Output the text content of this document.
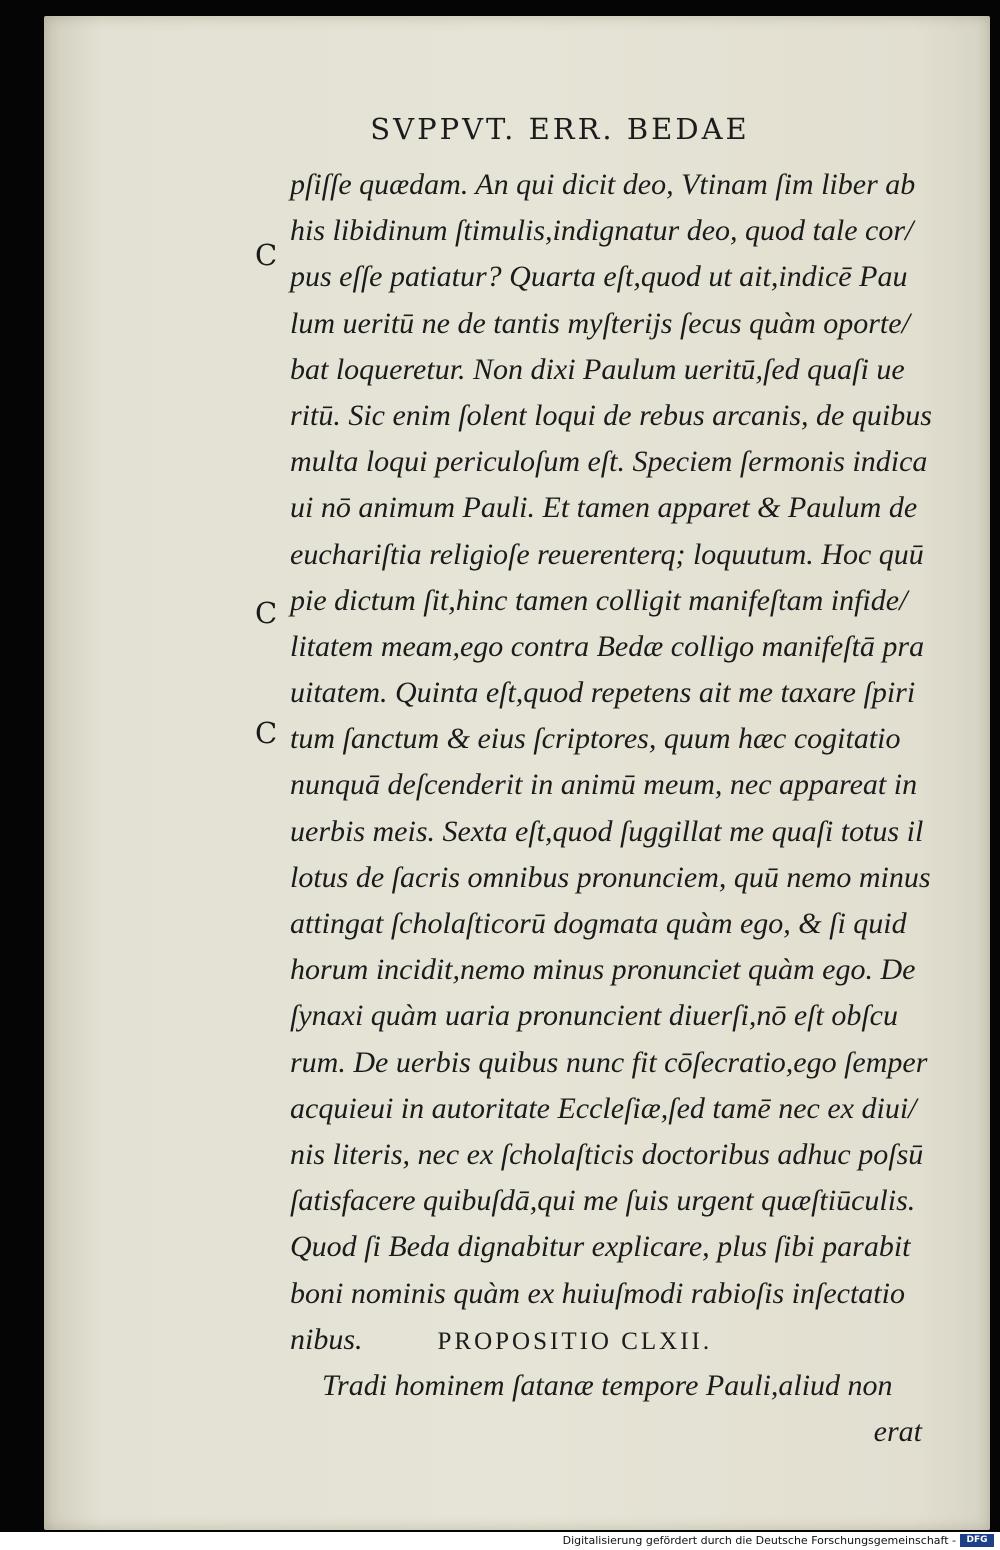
SVPPVT. ERR. BEDAE
C
C
C
pſiſſe quædam. An qui dicit deo, Vtinam ſim liber ab
his libidinum ſtimulis,indignatur deo, quod tale cor/
pus eſſe patiatur? Quarta eſt,quod ut ait,indicē Pau
lum ueritū ne de tantis myſterijs ſecus quàm oporte/
bat loqueretur. Non dixi Paulum ueritū,ſed quaſi ue
ritū. Sic enim ſolent loqui de rebus arcanis, de quibus
multa loqui periculoſum eſt. Speciem ſermonis indica
ui nō animum Pauli. Et tamen apparet & Paulum de
euchariſtia religioſe reuerenterq; loquutum. Hoc quū
pie dictum ſit,hinc tamen colligit manifeſtam infide/
litatem meam,ego contra Bedæ colligo manifeſtā pra
uitatem. Quinta eſt,quod repetens ait me taxare ſpiri
tum ſanctum & eius ſcriptores, quum hæc cogitatio
nunquā deſcenderit in animū meum, nec appareat in
uerbis meis. Sexta eſt,quod ſuggillat me quaſi totus il
lotus de ſacris omnibus pronunciem, quū nemo minus
attingat ſcholaſticorū dogmata quàm ego, & ſi quid
horum incidit,nemo minus pronunciet quàm ego. De
ſynaxi quàm uaria pronuncient diuerſi,nō eſt obſcu
rum. De uerbis quibus nunc fit cōſecratio,ego ſemper
acquieui in autoritate Eccleſiæ,ſed tamē nec ex diui/
nis literis, nec ex ſcholaſticis doctoribus adhuc poſsū
ſatisfacere quibuſdā,qui me ſuis urgent quæſtiūculis.
Quod ſi Beda dignabitur explicare, plus ſibi parabit
boni nominis quàm ex huiuſmodi rabioſis inſectatio
nibus.	PROPOSITIO CLXII.
Tradi hominem ſatanæ tempore Pauli,aliud non
erat
Digitalisierung gefördert durch die Deutsche Forschungsgemeinschaft -	DFG
